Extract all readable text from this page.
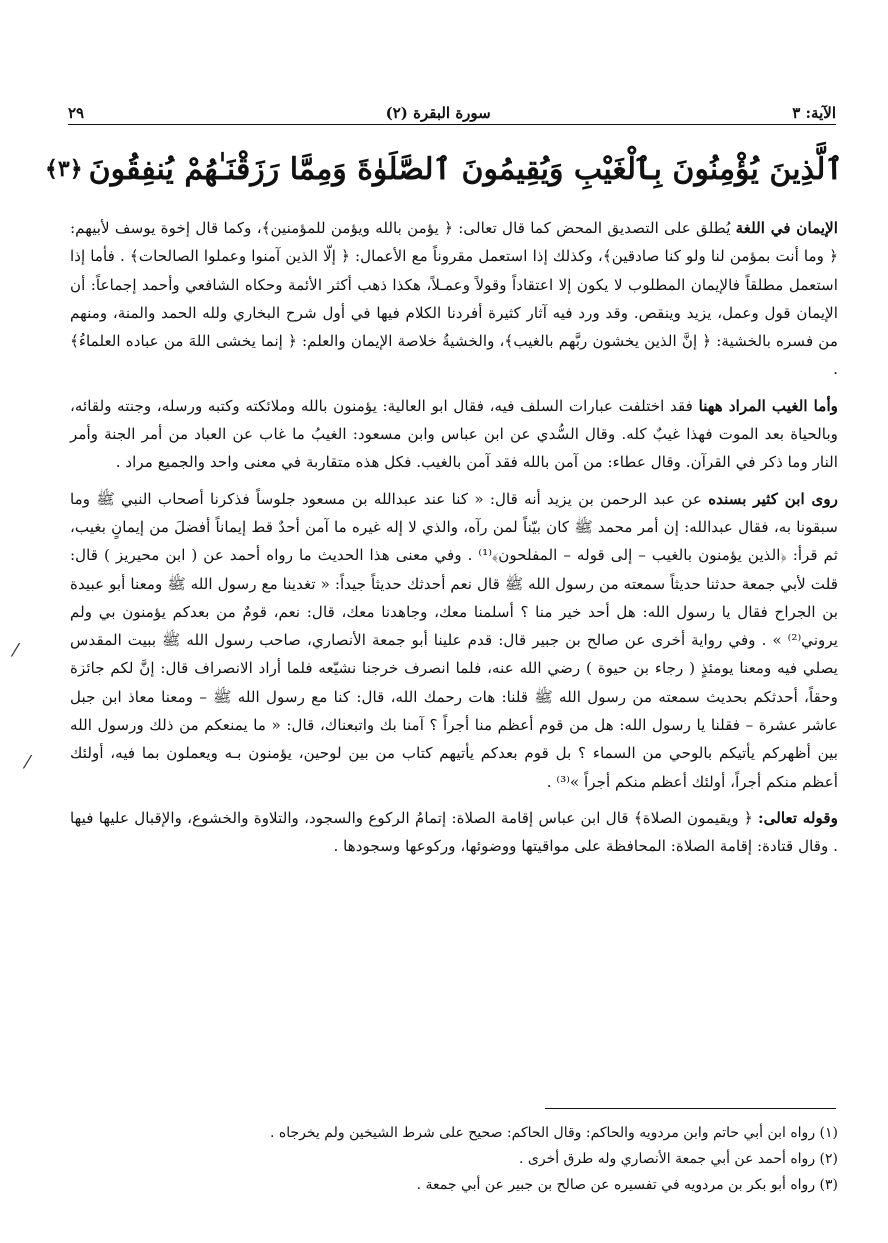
٢٩	(٢) سورة البقرة	الآية: ٣
ٱلَّذِينَ يُؤْمِنُونَ بِٱلْغَيْبِ وَيُقِيمُونَ ٱلصَّلَوٰةَ وَمِمَّا رَزَقْنَـٰهُمْ يُنفِقُونَ
﴿٣﴾

الإيمان في اللغة يُطلق على التصديق المحض كما قال تعالى: ﴿ يؤمن بالله ويؤمن للمؤمنين﴾، وكما قال إخوة يوسف لأبيهم: ﴿ وما أنت بمؤمن لنا ولو كنا صادقين﴾، وكذلك إذا استعمل مقروناً مع الأعمال: ﴿ إلّا الذين آمنوا وعملوا الصالحات﴾ . فأما إذا استعمل مطلقاً فالإيمان المطلوب لا يكون إلا اعتقاداً وقولاً وعمـلاً، هكذا ذهب أكثر الأئمة وحكاه الشافعي وأحمد إجماعاً: أن الإيمان قول وعمل، يزيد وينقص. وقد ورد فيه آثار كثيرة أفردنا الكلام فيها في أول شرح البخاري ولله الحمد والمنة، ومنهم من فسره بالخشية: ﴿ إنَّ الذين يخشون ربَّهم بالغيب﴾، والخشيةُ خلاصة الإيمان والعلم: ﴿ إنما يخشى اللهَ من عباده العلماءُ﴾ .

وأما الغيب المراد ههنا فقد اختلفت عبارات السلف فيه، فقال ابو العالية: يؤمنون بالله وملائكته وكتبه ورسله، وجنته ولقائه، وبالحياة بعد الموت فهذا غيبٌ كله. وقال السُّدي عن ابن عباس وابن مسعود: الغيبُ ما غاب عن العباد من أمر الجنة وأمر النار وما ذكر في القرآن. وقال عطاء: من آمن بالله فقد آمن بالغيب. فكل هذه متقاربة في معنى واحد والجميع مراد .

روى ابن كثير بسنده عن عبد الرحمن بن يزيد أنه قال: « كنا عند عبدالله بن مسعود جلوساً فذكرنا أصحاب النبي ﷺ وما سبقونا به، فقال عبدالله: إن أمر محمد ﷺ كان بيّناً لمن رآه، والذي لا إله غيره ما آمن أحدٌ قط إيماناً أفضلَ من إيمانٍ بغيب، ثم قرأ: ﴿الذين يؤمنون بالغيب – إلى قوله – المفلحون﴾⁽¹⁾ . وفي معنى هذا الحديث ما رواه أحمد عن ( ابن محيريز ) قال: قلت لأبي جمعة حدثنا حديثاً سمعته من رسول الله ﷺ قال نعم أحدثك حديثاً جيداً: « تغدينا مع رسول الله ﷺ ومعنا أبو عبيدة بن الجراح فقال يا رسول الله: هل أحد خير منا ؟ أسلمنا معك، وجاهدنا معك، قال: نعم، قومٌ من بعدكم يؤمنون بي ولم يروني⁽²⁾ » . وفي رواية أخرى عن صالح بن جبير قال: قدم علينا أبو جمعة الأنصاري، صاحب رسول الله ﷺ ببيت المقدس يصلي فيه ومعنا يومئذٍ ( رجاء بن حيوة ) رضي الله عنه، فلما انصرف خرجنا نشيّعه فلما أراد الانصراف قال: إنَّ لكم جائزة وحقاً، أحدثكم بحديث سمعته من رسول الله ﷺ قلنا: هات رحمك الله، قال: كنا مع رسول الله ﷺ – ومعنا معاذ ابن جبل عاشر عشرة – فقلنا يا رسول الله: هل من قوم أعظم منا أجراً ؟ آمنا بك واتبعناك، قال: « ما يمنعكم من ذلك ورسول الله بين أظهركم يأتيكم بالوحي من السماء ؟ بل قوم بعدكم يأتيهم كتاب من بين لوحين، يؤمنون بـه ويعملون بما فيه، أولئك أعظم منكم أجراً، أولئك أعظم منكم أجراً »⁽³⁾ .

وقوله تعالى: ﴿ ويقيمون الصلاة﴾ قال ابن عباس إقامة الصلاة: إتمامُ الركوع والسجود، والتلاوة والخشوع، والإقبال عليها فيها . وقال قتادة: إقامة الصلاة: المحافظة على مواقيتها ووضوئها، وركوعها وسجودها .

⁄
⁄
(١) رواه ابن أبي حاتم وابن مردويه والحاكم: وقال الحاكم: صحيح على شرط الشيخين ولم يخرجاه .
(٢) رواه أحمد عن أبي جمعة الأنصاري وله طرق أخرى .
(٣) رواه أبو بكر بن مردويه في تفسيره عن صالح بن جبير عن أبي جمعة .
